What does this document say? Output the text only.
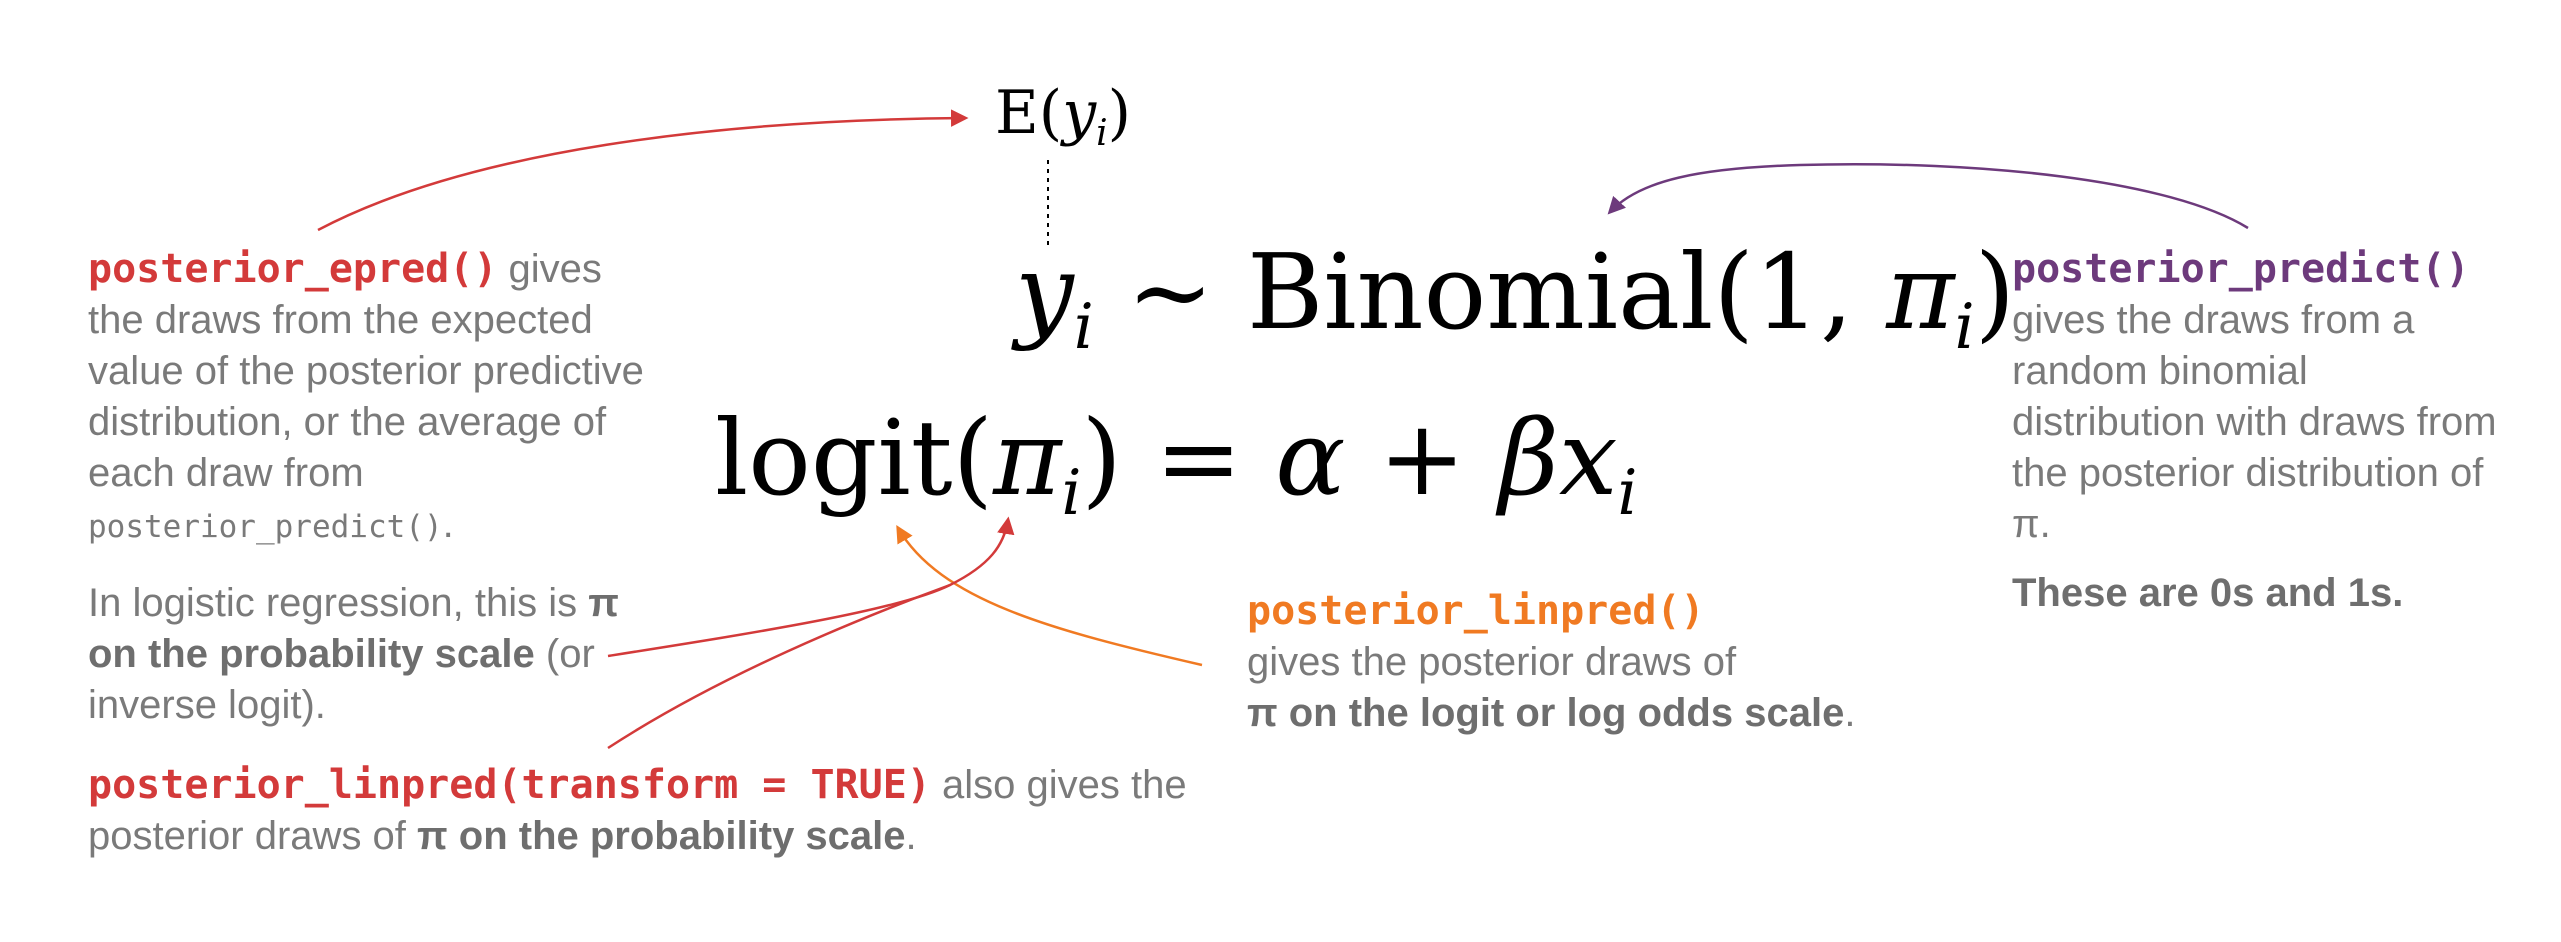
E(yi)
yi ~ Binomial(1, πi)
logit(πi) = α + βxi
posterior_epred() gives the draws from the expected value of the posterior predictive distribution, or the average of each draw from posterior_predict().
In logistic regression, this is π on the probability scale (or inverse logit).
posterior_linpred(transform = TRUE) also gives the posterior draws of π on the probability scale.
posterior_linpred()
gives the posterior draws of
π on the logit or log odds scale.
posterior_predict()
gives the draws from a random binomial distribution with draws from the posterior distribution of π.
These are 0s and 1s.
